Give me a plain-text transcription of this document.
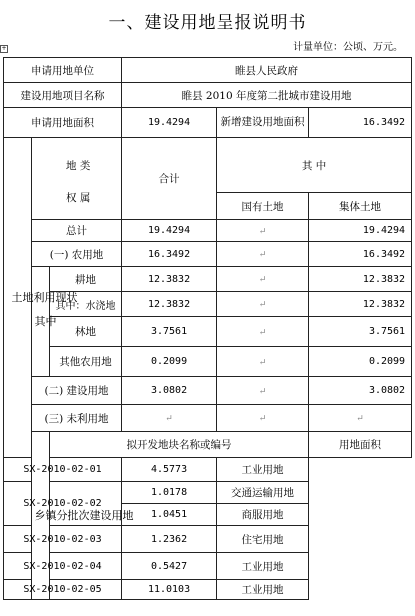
一、建设用地呈报说明书
计量单位：公顷、万元。
+
申请用地单位			睢县人民政府			
建设用地项目名称			睢县 2010 年度第二批城市建设用地			
申请用地面积			19.4294	新增建设用地面积	16.3492	
土地利用现状	地 类
权 属		合计	其 中		
				国有土地	集体土地	
	总计		19.4294	↵	19.4294	
	(一) 农用地		16.3492	↵	16.3492	
	其中	耕地	12.3832	↵	12.3832	
		其中：水浇地	12.3832	↵	12.3832	
		林地	3.7561	↵	3.7561	
		其他农用地	0.2099	↵	0.2099	
	(二) 建设用地		3.0802	↵	3.0802	
	(三) 未利用地		↵	↵	↵	
	乡镇分批次建设用地	拟开发地块名称或编号			用地面积	
SX-2010-02-01			4.5773	工业用地		
SX-2010-02-02			1.0178	交通运输用地		
			1.0451	商服用地		
SX-2010-02-03			1.2362	住宅用地		
SX-2010-02-04			0.5427	工业用地		
SX-2010-02-05			11.0103	工业用地		
